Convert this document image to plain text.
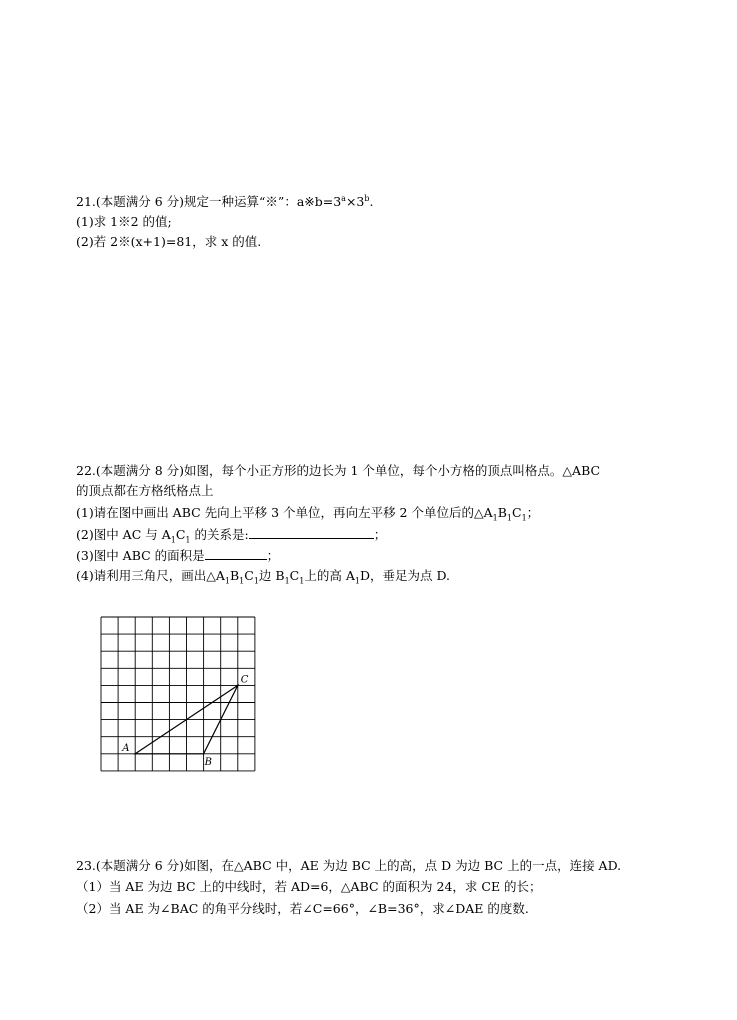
21.(本题满分 6 分)规定一种运算“※”：$a※b=3^a\times 3^b$.
(1)求 1※2 的值;
(2)若 2※(x+1)=81，求 x 的值.
22.(本题满分 8 分)如图，每个小正方形的边长为 1 个单位，每个小方格的顶点叫格点。△ABC
的顶点都在方格纸格点上
(1)请在图中画出 ABC 先向上平移 3 个单位，再向左平移 2 个单位后的$\triangle A_1B_1C_1$；
(2)图中 AC 与 $A_1C_1$ 的关系是:	；
(3)图中 ABC 的面积是	；
(4)请利用三角尺，画出$\triangle A_1B_1C_1$边 $B_1C_1$上的高 $A_1D$，垂足为点 D.
A
B
C
23.(本题满分 6 分)如图，在△ABC 中，AE 为边 BC 上的高，点 D 为边 BC 上的一点，连接 AD.
（1）当 AE 为边 BC 上的中线时，若 AD=6，△ABC 的面积为 24，求 CE 的长；
（2）当 AE 为∠BAC 的角平分线时，若∠C=66°，∠B=36°，求∠DAE 的度数.
